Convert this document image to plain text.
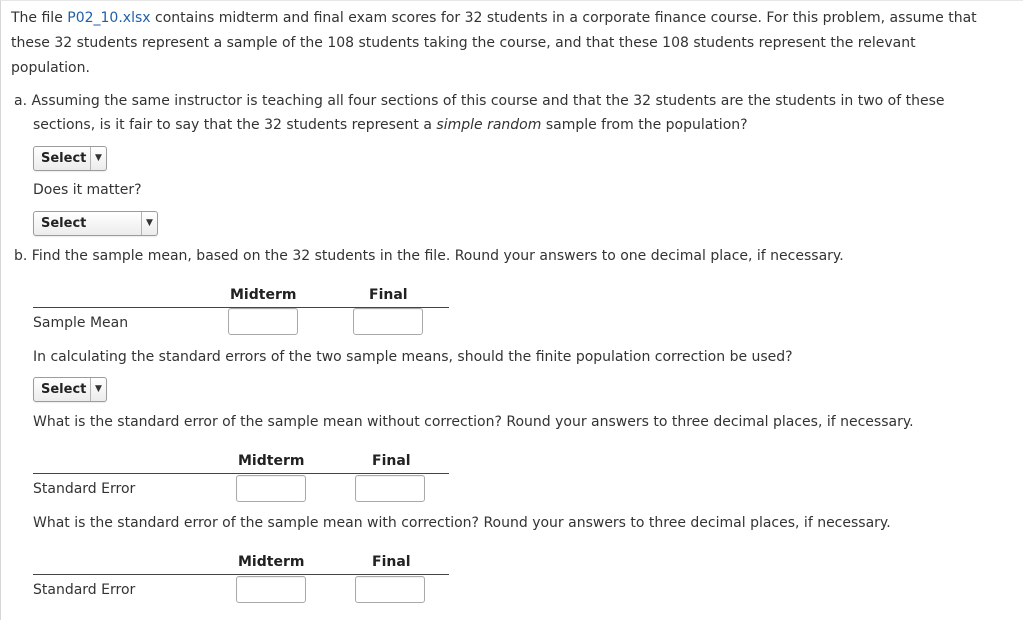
The file P02_10.xlsx contains midterm and final exam scores for 32 students in a corporate finance course. For this problem, assume that
these 32 students represent a sample of the 108 students taking the course, and that these 108 students represent the relevant
population.
a. Assuming the same instructor is teaching all four sections of this course and that the 32 students are the students in two of these
sections, is it fair to say that the 32 students represent a simple random sample from the population?
Select ▼
Does it matter?
Select	▼
b. Find the sample mean, based on the 32 students in the file. Round your answers to one decimal place, if necessary.
Midterm	Final
Sample Mean
In calculating the standard errors of the two sample means, should the finite population correction be used?
Select ▼
What is the standard error of the sample mean without correction? Round your answers to three decimal places, if necessary.
Midterm	Final
Standard Error
What is the standard error of the sample mean with correction? Round your answers to three decimal places, if necessary.
Midterm	Final
Standard Error
